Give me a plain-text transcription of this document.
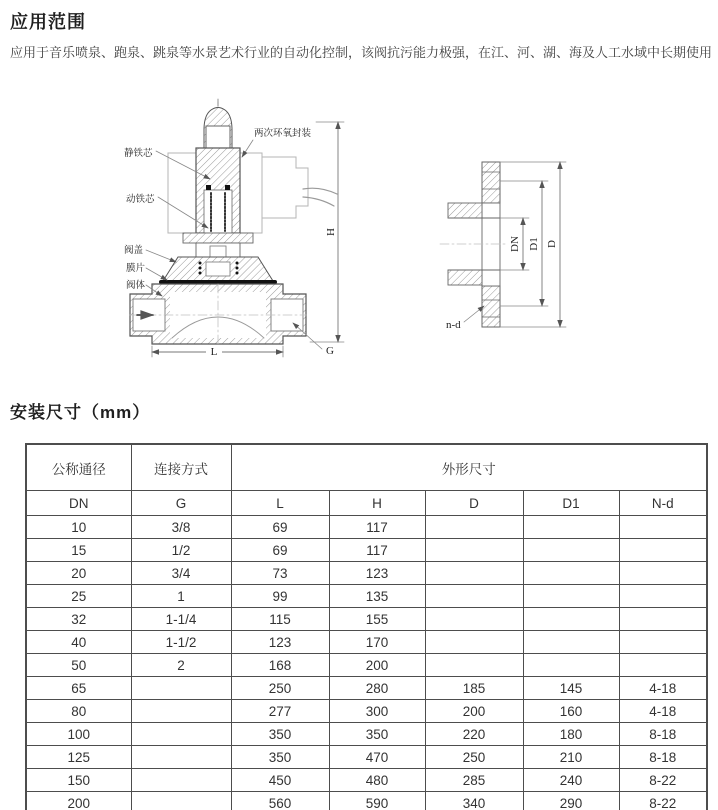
应用范围
应用于音乐喷泉、跑泉、跳泉等水景艺术行业的自动化控制，该阀抗污能力极强，在江、河、湖、海及人工水域中长期使用
H
L	G
静铁芯
动铁芯
阀盖
膜片
阀体
两次环氧封装
DN D1 D
n-d
安装尺寸（mm）
公称通径	连接方式	外形尺寸				
DN	G	L	H	D	D1	N-d
10	3/8	69	117			
15	1/2	69	117			
20	3/4	73	123			
25	1	99	135			
32	1-1/4	115	155			
40	1-1/2	123	170			
50	2	168	200			
65		250	280	185	145	4-18
80		277	300	200	160	4-18
100		350	350	220	180	8-18
125		350	470	250	210	8-18
150		450	480	285	240	8-22
200		560	590	340	290	8-22
